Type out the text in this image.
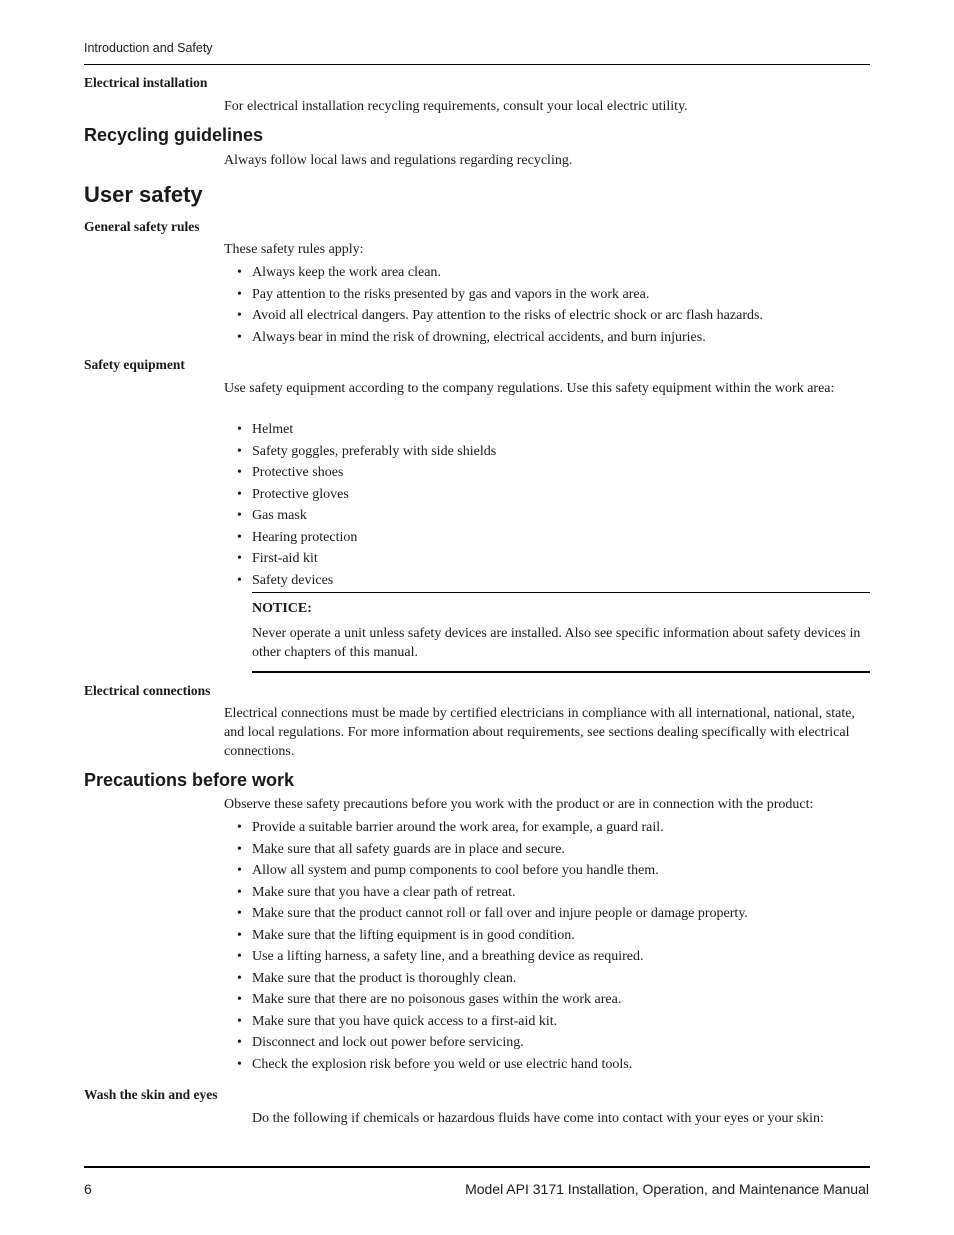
Introduction and Safety
Electrical installation
For electrical installation recycling requirements, consult your local electric utility.
Recycling guidelines
Always follow local laws and regulations regarding recycling.
User safety
General safety rules
These safety rules apply:
• Always keep the work area clean.
• Pay attention to the risks presented by gas and vapors in the work area.
• Avoid all electrical dangers. Pay attention to the risks of electric shock or arc flash hazards.
• Always bear in mind the risk of drowning, electrical accidents, and burn injuries.
Safety equipment
Use safety equipment according to the company regulations. Use this safety equipment within the work area:
• Helmet
• Safety goggles, preferably with side shields
• Protective shoes
• Protective gloves
• Gas mask
• Hearing protection
• First-aid kit
• Safety devices
NOTICE:
Never operate a unit unless safety devices are installed. Also see specific information about safety devices in other chapters of this manual.
Electrical connections
Electrical connections must be made by certified electricians in compliance with all international, national, state, and local regulations. For more information about requirements, see sections dealing specifically with electrical connections.
Precautions before work
Observe these safety precautions before you work with the product or are in connection with the product:
• Provide a suitable barrier around the work area, for example, a guard rail.
• Make sure that all safety guards are in place and secure.
• Allow all system and pump components to cool before you handle them.
• Make sure that you have a clear path of retreat.
• Make sure that the product cannot roll or fall over and injure people or damage property.
• Make sure that the lifting equipment is in good condition.
• Use a lifting harness, a safety line, and a breathing device as required.
• Make sure that the product is thoroughly clean.
• Make sure that there are no poisonous gases within the work area.
• Make sure that you have quick access to a first-aid kit.
• Disconnect and lock out power before servicing.
• Check the explosion risk before you weld or use electric hand tools.
Wash the skin and eyes
Do the following if chemicals or hazardous fluids have come into contact with your eyes or your skin:
6	Model API 3171 Installation, Operation, and Maintenance Manual
